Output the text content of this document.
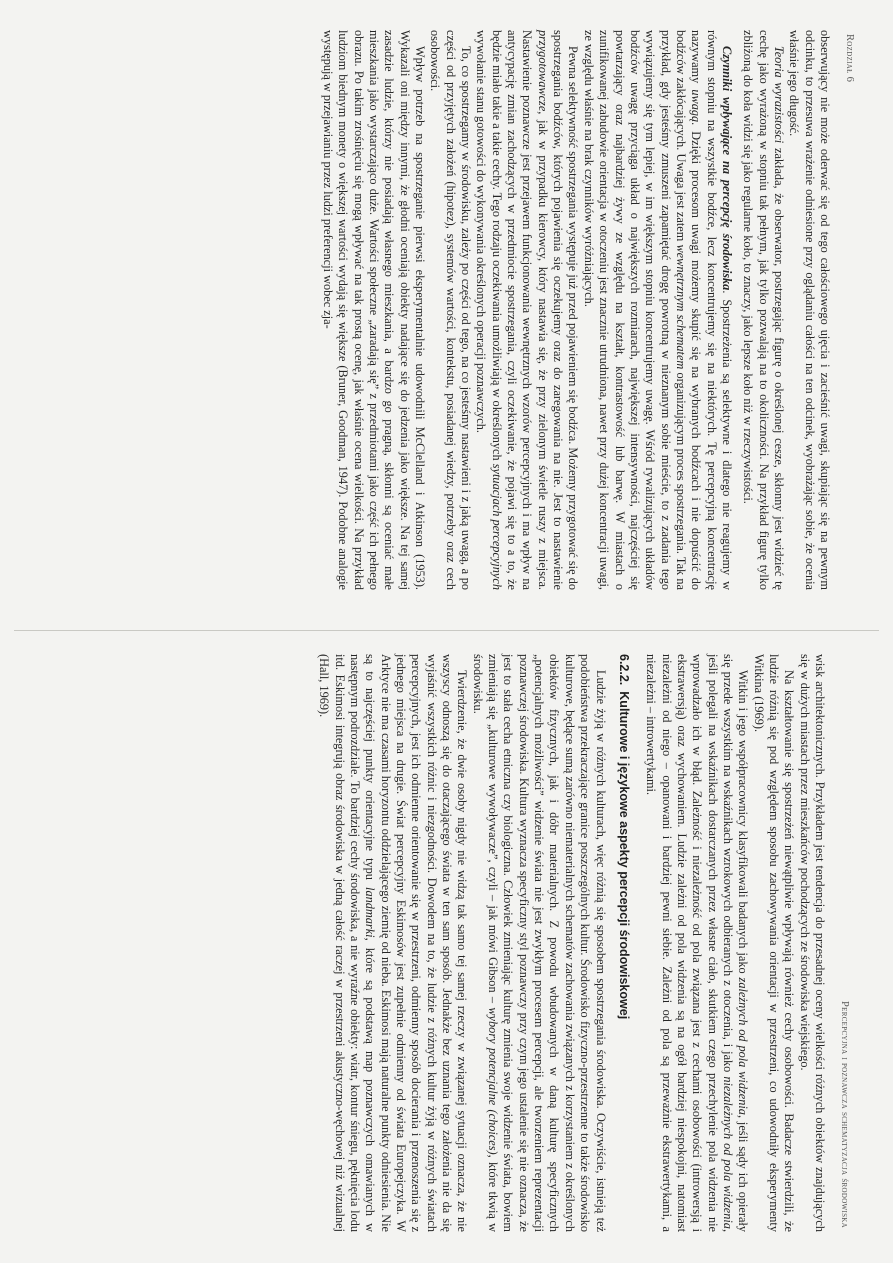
Rozdział 6

obserwujący nie może oderwać się od tego całościowego ujęcia i zacieśnić uwagi, skupiając się na pewnym odcinku, to przesuwa wrażenie odniesione przy oglądaniu całości na ten odcinek, wyobrażając sobie, że ocenia właśnie jego długość.

Teoria wyrazistości zakłada, że obserwator, postrzegając figurę o określonej cesze, skłonny jest widzieć tę cechę jako wyrażoną w stopniu tak pełnym, jak tylko pozwalają na to okoliczności. Na przykład figurę tylko zbliżoną do koła widzi się jako regularne koło, to znaczy, jako lepsze koło niż w rzeczywistości.

Czynniki wpływające na percepcję środowiska. Spostrzeżenia są selektywne i dlatego nie reagujemy w równym stopniu na wszystkie bodźce, lecz koncentrujemy się na niektórych. Tę percepcyjną koncentrację nazywamy uwagą. Dzięki procesom uwagi możemy skupić się na wybranych bodźcach i nie dopuścić do bodźców zakłócających. Uwaga jest zatem wewnętrznym schematem organizującym proces spostrzegania. Tak na przykład, gdy jesteśmy zmuszeni zapamiętać drogę powrotną w nieznanym sobie mieście, to z zadania tego wywiązujemy się tym lepiej, w im większym stopniu koncentrujemy uwagę. Wśród rywalizujących układów bodźców uwagę przyciąga układ o największych rozmiarach, największej intensywności, najczęściej się powtarzający oraz najbardziej żywy ze względu na kształt, kontrastowość lub barwę. W miastach o zunifikowanej zabudowie orientacja w otoczeniu jest znacznie utrudniona, nawet przy dużej koncentracji uwagi, ze względu właśnie na brak czynników wyróżniających.

Pewna selektywność spostrzegania występuje już przed pojawieniem się bodźca. Możemy przygotować się do spostrzegania bodźców, których pojawienia się oczekujemy oraz do zaregowania na nie. Jest to nastawienie przygotowawcze, jak w przypadku kierowcy, który nastawia się, że przy zielonym świetle ruszy z miejsca. Nastawienie poznawcze jest przejawem funkcjonowania wewnętrznych wzorów percepcyjnych i ma wpływ na antycypację zmian zachodzących w przedmiocie spostrzegania, czyli oczekiwanie, że pojawi się to a to, że będzie miało takie a takie cechy. Tego rodzaju oczekiwania umożliwiają w określonych sytuacjach percepcyjnych wywołanie stanu gotowości do wykonywania określonych operacji poznawczych.

To, co spostrzegamy w środowisku, zależy po części od tego, na co jesteśmy nastawieni i z jaką uwagą, a po części od przyjętych założeń (hipotez), systemów wartości, kontekstu, posiadanej wiedzy, potrzeby oraz cech osobowości.

Wpływ potrzeb na spostrzeganie pierwsi eksperymentalnie udowodnili McClelland i Atkinson (1953). Wykazali oni między innymi, że głodni oceniają obiekty nadające się do jedzenia jako większe. Na tej samej zasadzie ludzie, którzy nie posiadają własnego mieszkania, a bardzo go pragną, skłonni są oceniać małe mieszkania jako wystarczająco duże. Wartości społeczne „zaradają się” z przedmiotami jako część ich pełnego obrazu. Po takim zrośnięciu się mogą wpływać na tak prostą ocenę, jak właśnie ocena wielkości. Na przykład ludziom biednym monety o większej wartości wydają się większe (Bruner, Goodman, 1947). Podobne analogie występują w przejawianiu przez ludzi preferencji wobec zja-

Percepcyjna i poznawcza schematyzacja środowiska

wisk architektonicznych. Przykładem jest tendencja do przesadnej oceny wielkości różnych obiektów znajdujących się w dużych miastach przez mieszkańców pochodzących ze środowiska wiejskiego.

Na kształtowanie się spostrzeżeń niewątpliwie wpływają również cechy osobowości. Badacze stwierdzili, że ludzie różnią się pod względem sposobu zachowywania orientacji w przestrzeni, co udowodniły eksperymenty Witkina (1969).

Witkin i jego współpracownicy klasyfikowali badanych jako zależnych od pola widzenia, jeśli sądy ich opierały się przede wszystkim na wskaźnikach wzrokowych odbieranych z otoczenia, i jako niezależnych od pola widzenia, jeśli polegali na wskaźnikach dostarczanych przez własne ciało, skutkiem czego przechylenie pola widzenia nie wprowadzało ich w błąd. Zależność i niezależność od pola związana jest z cechami osobowości (introwersją i ekstrawersją) oraz wychowaniem. Ludzie zależni od pola widzenia są na ogół bardziej niespokojni, natomiast niezależni od niego – opanowani i bardziej pewni siebie. Zależni od pola są przeważnie ekstrawertykami, a niezależni – introwertykami.

6.2.2.Kulturowe i językowe aspekty percepcji środowiskowej

Ludzie żyją w różnych kulturach, więc różnią się sposobem spostrzegania środowiska. Oczywiście, istnieją też podobieństwa przekraczające granice poszczególnych kultur. Środowisko fizyczno-przestrzenne to także środowisko kulturowe, będące sumą zarówno niematerialnych schematów zachowania związanych z korzystaniem z określonych obiektów fizycznych, jak i dóbr materialnych. Z powodu wbudowanych w daną kulturę specyficznych „potencjalnych możliwości” widzenie świata nie jest zwykłym procesem percepcji, ale tworzeniem reprezentacji poznawczej środowiska. Kultura wyznacza specyficzny styl poznawczy przy czym jego ustalenie się nie oznacza, że jest to stała cecha etniczna czy biologiczna. Człowiek zmieniając kulturę zmienia swoje widzenie świata, bowiem zmieniają się „kulturowe wywoływacze”, czyli – jak mówi Gibson – wybory potencjalne (choices), które tkwią w środowisku.

Twierdzenie, że dwie osoby nigdy nie widzą tak samo tej samej rzeczy w związanej sytuacji oznacza, że nie wszyscy odnoszą się do otaczającego świata w ten sam sposób. Jednakże bez uznania tego założenia nie da się wyjaśnić wszystkich różnic i niezgodności. Dowodem na to, że ludzie z różnych kultur żyją w różnych światach percepcyjnych, jest ich odmienne orientowanie się w przestrzeni, odmienny sposób docierania i przenoszenia się z jednego miejsca na drugie. Świat percepcyjny Eskimosów jest zupełnie odmienny od świata Europejczyka. W Arktyce nie ma czasami horyzontu oddzielającego ziemię od nieba. Eskimosi mają naturalne punkty odniesienia. Nie są to najczęściej punkty orientacyjne typu landmarki, które są podstawą map poznawczych omawianych w następnym podrozdziale. To bardziej cechy środowiska, a nie wyraźne obiekty: wiatr, kontur śniegu, pęknięcia lodu itd. Eskimosi integrują obraz środowiska w jedną całość raczej w przestrzeni akustyczno-węchowej niż wizualnej (Hall, 1969).
